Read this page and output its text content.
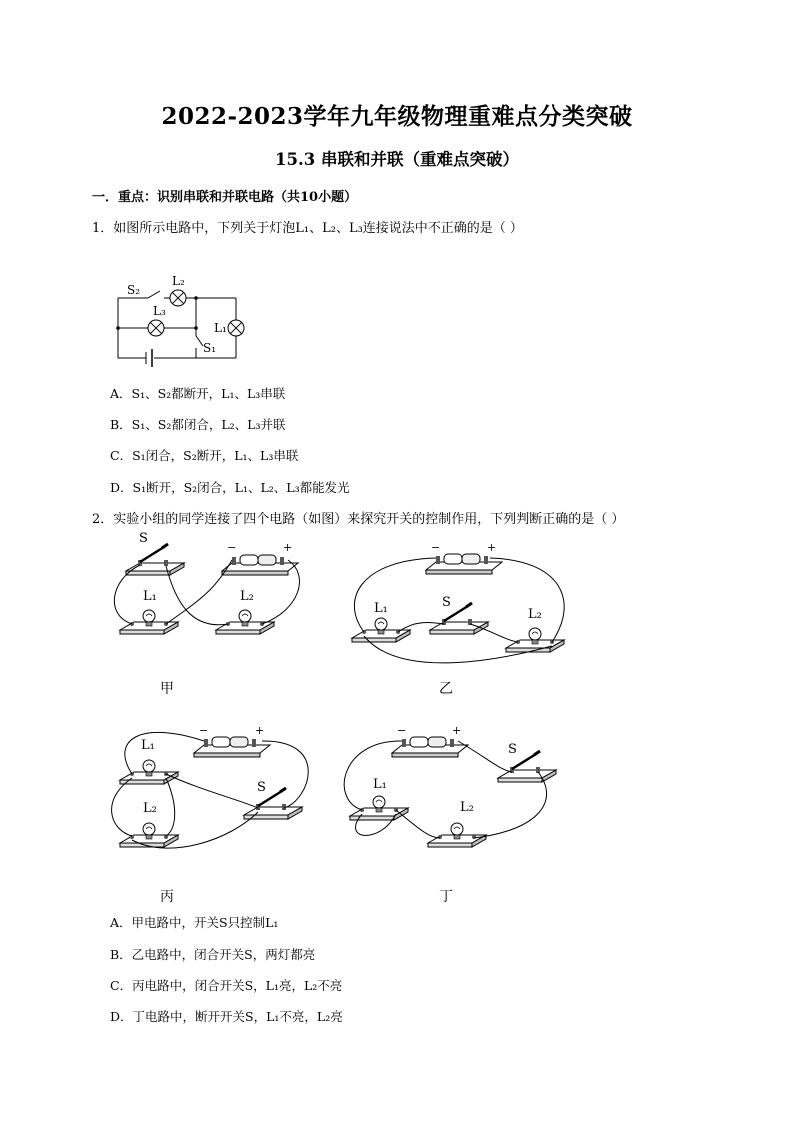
2022-2023学年九年级物理重难点分类突破
15.3 串联和并联（重难点突破）
一．重点：识别串联和并联电路（共10小题）
1．如图所示电路中，下列关于灯泡L₁、L₂、L₃连接说法中不正确的是（ ）
S₂
L₂
L₃
L₁
S₁
A．S₁、S₂都断开，L₁、L₃串联
B．S₁、S₂都闭合，L₂、L₃并联
C．S₁闭合，S₂断开，L₁、L₃串联
D．S₁断开，S₂闭合，L₁、L₂、L₃都能发光
2．实验小组的同学连接了四个电路（如图）来探究开关的控制作用，下列判断正确的是（ ）
S
−	+
L₁	L₂
−	+
L₁	S
L₂
−	+
L₁
L₂
S
−	+
S
L₁
L₂
甲	乙
丙	丁
A．甲电路中，开关S只控制L₁
B．乙电路中，闭合开关S，两灯都亮
C．丙电路中，闭合开关S，L₁亮，L₂不亮
D．丁电路中，断开开关S，L₁不亮，L₂亮
